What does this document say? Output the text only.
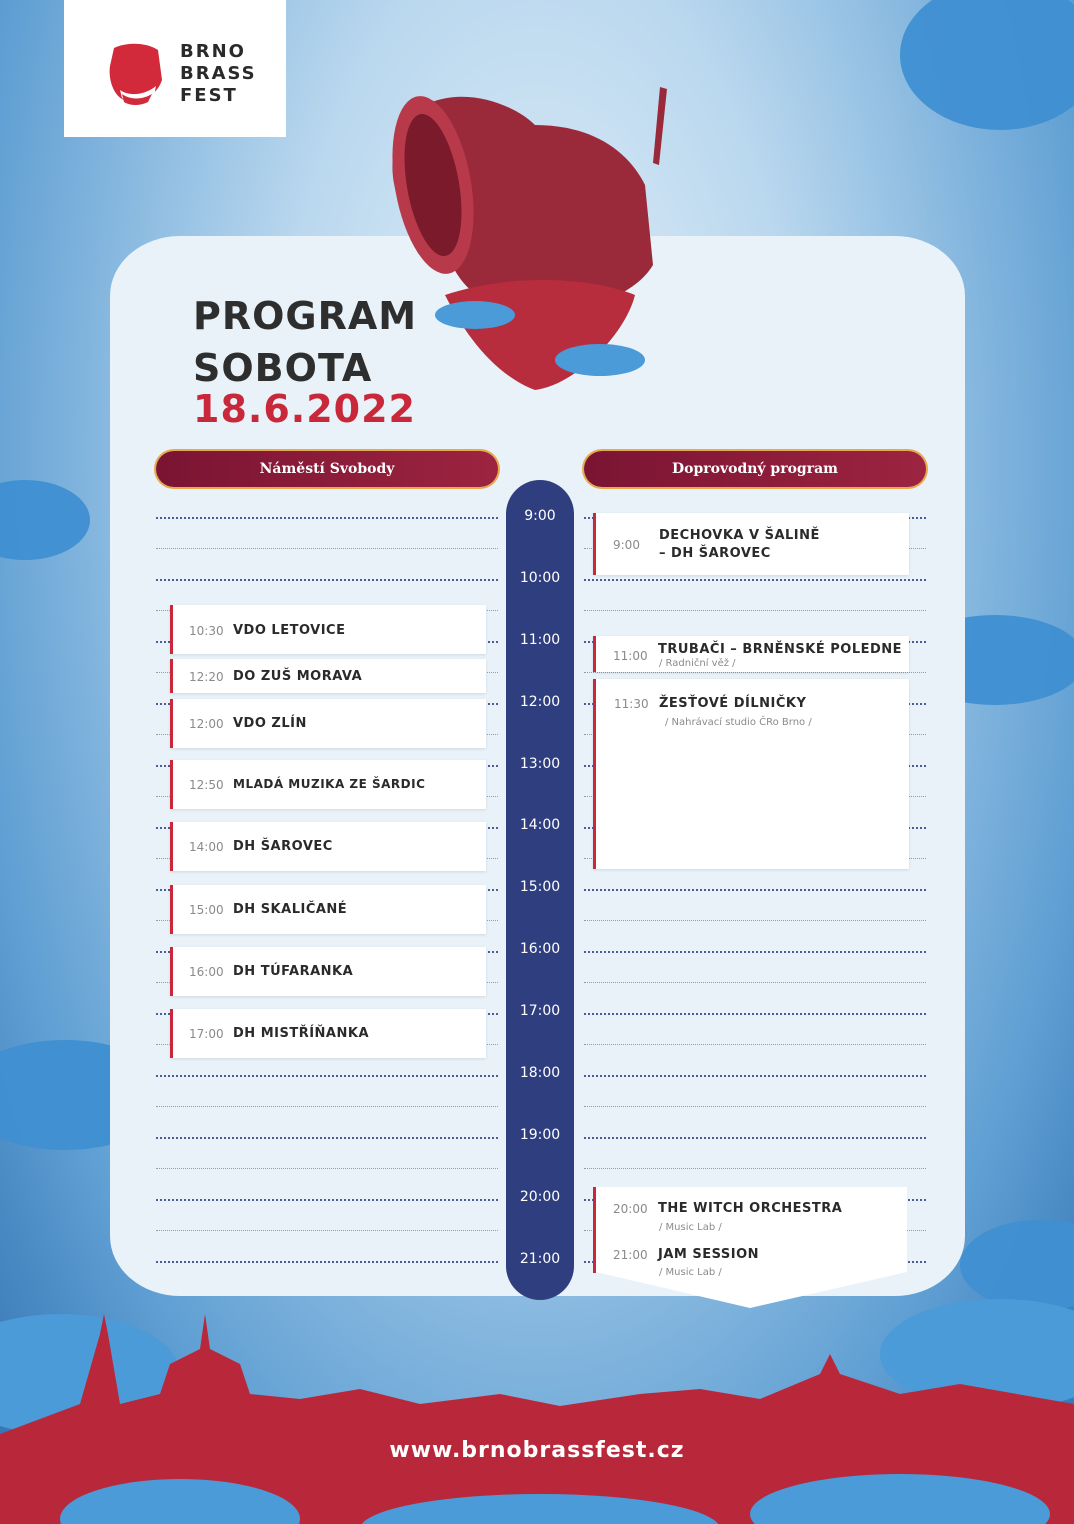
BRNO
BRASS
FEST
PROGRAM
SOBOTA
18.6.2022
Náměstí Svobody	Doprovodný program
9:00
10:00
11:00
12:00
13:00
14:00
15:00
16:00
17:00
18:00
19:00
20:00
21:00
10:30 VDO LETOVICE
12:20 DO ZUŠ MORAVA
12:00 VDO ZLÍN
12:50 MLADÁ MUZIKA ZE ŠARDIC
14:00 DH ŠAROVEC
15:00 DH SKALIČANÉ
16:00 DH TÚFARANKA
17:00 DH MISTŘÍŇANKA
9:00
DECHOVKA V ŠALINĚ
– DH ŠAROVEC
11:00 TRUBAČI – BRNĚNSKÉ POLEDNE
/ Radniční věž /
11:30 ŽESŤOVÉ DÍLNIČKY
/ Nahrávací studio ČRo Brno /
20:00 THE WITCH ORCHESTRA
/ Music Lab /
21:00 JAM SESSION
/ Music Lab /
www.brnobrassfest.cz
